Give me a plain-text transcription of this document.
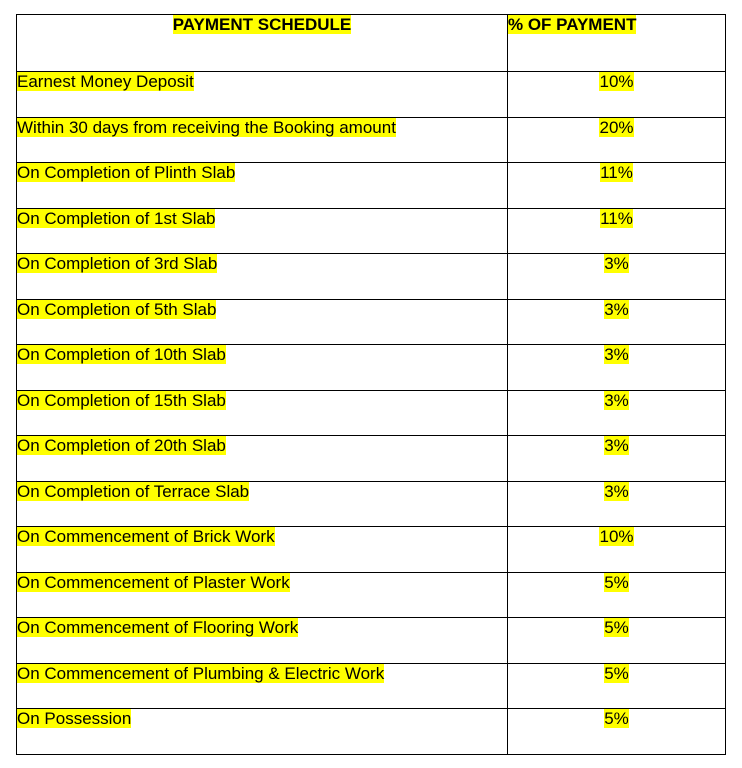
PAYMENT SCHEDULE	% OF PAYMENT
Earnest Money Deposit	10%
Within 30 days from receiving the Booking amount	20%
On Completion of Plinth Slab	11%
On Completion of 1st Slab	11%
On Completion of 3rd Slab	3%
On Completion of 5th Slab	3%
On Completion of 10th Slab	3%
On Completion of 15th Slab	3%
On Completion of 20th Slab	3%
On Completion of Terrace Slab	3%
On Commencement of Brick Work	10%
On Commencement of Plaster Work	5%
On Commencement of Flooring Work	5%
On Commencement of Plumbing & Electric Work	5%
On Possession	5%
